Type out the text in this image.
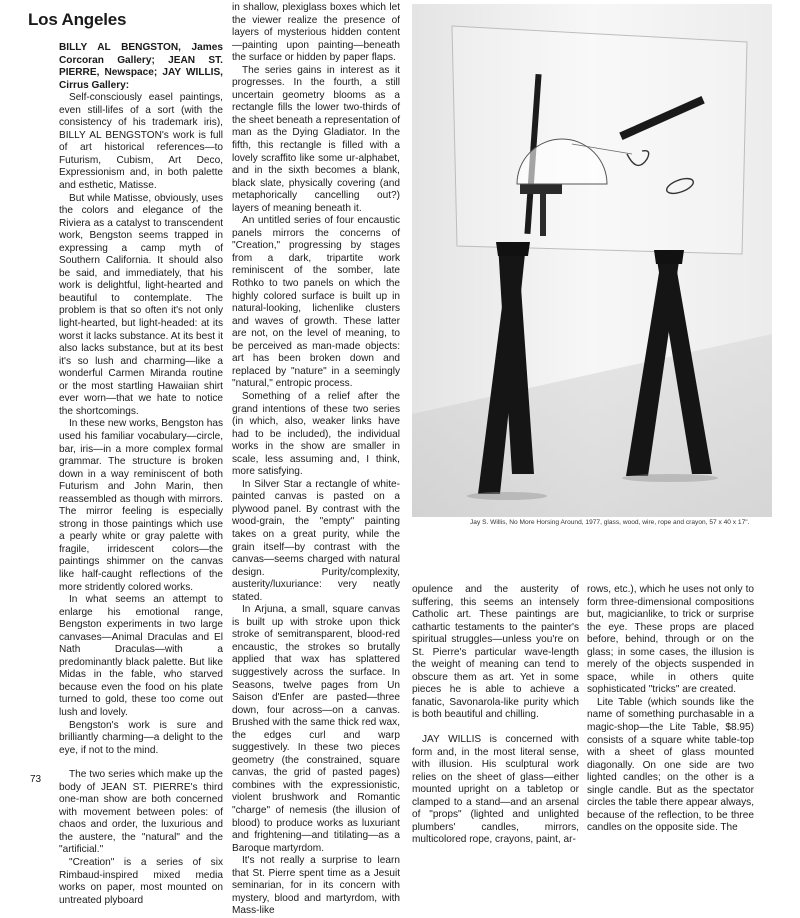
Los Angeles

BILLY AL BENGSTON, James Corcoran Gallery; JEAN ST. PIERRE, Newspace; JAY WILLIS, Cirrus Gallery:

Self-consciously easel paintings, even still-lifes of a sort (with the consistency of his trademark iris), BILLY AL BENGSTON's work is full of art historical references—to Futurism, Cubism, Art Deco, Expressionism and, in both palette and esthetic, Matisse.

But while Matisse, obviously, uses the colors and elegance of the Riviera as a catalyst to transcendent work, Bengston seems trapped in expressing a camp myth of Southern California. It should also be said, and immediately, that his work is delightful, light-hearted and beautiful to contemplate. The problem is that so often it's not only light-hearted, but light-headed: at its worst it lacks substance. At its best it also lacks substance, but at its best it's so lush and charming—like a wonderful Carmen Miranda routine or the most startling Hawaiian shirt ever worn—that we hate to notice the shortcomings.

In these new works, Bengston has used his familiar vocabulary—circle, bar, iris—in a more complex formal grammar. The structure is broken down in a way reminiscent of both Futurism and John Marin, then reassembled as though with mirrors. The mirror feeling is especially strong in those paintings which use a pearly white or gray palette with fragile, irridescent colors—the paintings shimmer on the canvas like half-caught reflections of the more stridently colored works.

In what seems an attempt to enlarge his emotional range, Bengston experiments in two large canvases—Animal Draculas and El Nath Draculas—with a predominantly black palette. But like Midas in the fable, who starved because even the food on his plate turned to gold, these too come out lush and lovely.

Bengston's work is sure and brilliantly charming—a delight to the eye, if not to the mind.

The two series which make up the body of JEAN ST. PIERRE's third one-man show are both concerned with movement between poles: of chaos and order, the luxurious and the austere, the "natural" and the "artificial."

"Creation" is a series of six Rimbaud-inspired mixed media works on paper, most mounted on untreated plyboard

in shallow, plexiglass boxes which let the viewer realize the presence of layers of mysterious hidden content—painting upon painting—beneath the surface or hidden by paper flaps.

The series gains in interest as it progresses. In the fourth, a still uncertain geometry blooms as a rectangle fills the lower two-thirds of the sheet beneath a representation of man as the Dying Gladiator. In the fifth, this rectangle is filled with a lovely scraffito like some ur-alphabet, and in the sixth becomes a blank, black slate, physically covering (and metaphorically cancelling out?) layers of meaning beneath it.

An untitled series of four encaustic panels mirrors the concerns of "Creation," progressing by stages from a dark, tripartite work reminiscent of the somber, late Rothko to two panels on which the highly colored surface is built up in natural-looking, lichenlike clusters and waves of growth. These latter are not, on the level of meaning, to be perceived as man-made objects: art has been broken down and replaced by "nature" in a seemingly "natural," entropic process.

Something of a relief after the grand intentions of these two series (in which, also, weaker links have had to be included), the individual works in the show are smaller in scale, less assuming and, I think, more satisfying.

In Silver Star a rectangle of white-painted canvas is pasted on a plywood panel. By contrast with the wood-grain, the "empty" painting takes on a great purity, while the grain itself—by contrast with the canvas—seems charged with natural design. Purity/complexity, austerity/luxuriance: very neatly stated.

In Arjuna, a small, square canvas is built up with stroke upon thick stroke of semitransparent, blood-red encaustic, the strokes so brutally applied that wax has splattered suggestively across the surface. In Seasons, twelve pages from Un Saison d'Enfer are pasted—three down, four across—on a canvas. Brushed with the same thick red wax, the edges curl and warp suggestively. In these two pieces geometry (the constrained, square canvas, the grid of pasted pages) combines with the expressionistic, violent brushwork and Romantic "charge" of nemesis (the illusion of blood) to produce works as luxuriant and frightening—and titilating—as a Baroque martyrdom.

It's not really a surprise to learn that St. Pierre spent time as a Jesuit seminarian, for in its concern with mystery, blood and martyrdom, with Mass-like

Jay S. Willis, No More Horsing Around, 1977, glass, wood, wire, rope and crayon, 57 x 40 x 17".

opulence and the austerity of suffering, this seems an intensely Catholic art. These paintings are cathartic testaments to the painter's spiritual struggles—unless you're on St. Pierre's particular wave-length the weight of meaning can tend to obscure them as art. Yet in some pieces he is able to achieve a fanatic, Savonarola-like purity which is both beautiful and chilling.

JAY WILLIS is concerned with form and, in the most literal sense, with illusion. His sculptural work relies on the sheet of glass—either mounted upright on a tabletop or clamped to a stand—and an arsenal of "props" (lighted and unlighted plumbers' candles, mirrors, multicolored rope, crayons, paint, ar-

rows, etc.), which he uses not only to form three-dimensional compositions but, magicianlike, to trick or surprise the eye. These props are placed before, behind, through or on the glass; in some cases, the illusion is merely of the objects suspended in space, while in others quite sophisticated "tricks" are created.

Lite Table (which sounds like the name of something purchasable in a magic-shop—the Lite Table, $8.95) consists of a square white table-top with a sheet of glass mounted diagonally. On one side are two lighted candles; on the other is a single candle. But as the spectator circles the table there appear always, because of the reflection, to be three candles on the opposite side. The

73
